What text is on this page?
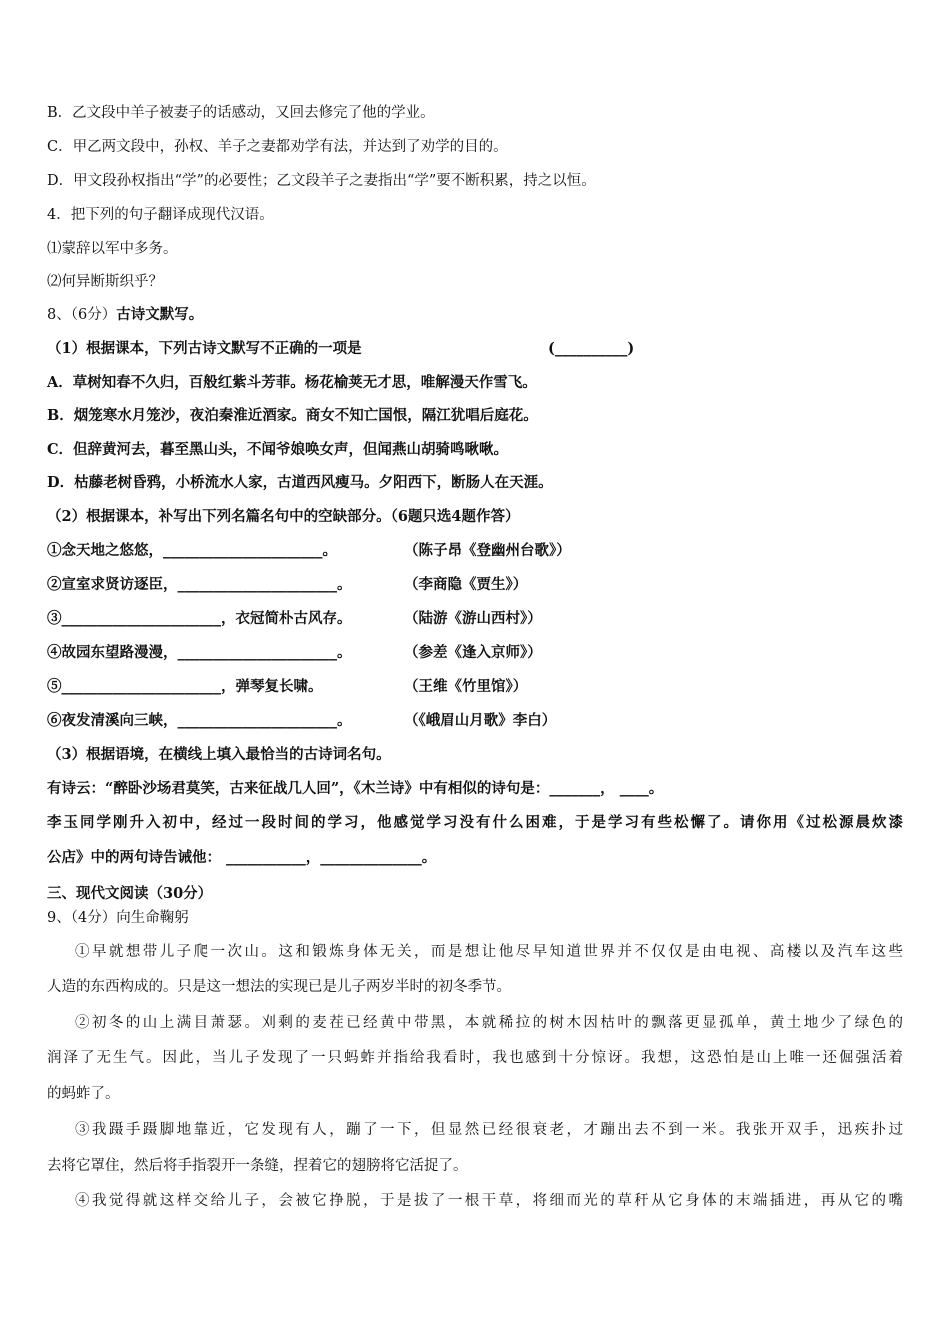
B．乙文段中羊子被妻子的话感动，又回去修完了他的学业。
C．甲乙两文段中，孙权、羊子之妻都劝学有法，并达到了劝学的目的。
D．甲文段孙权指出“学”的必要性；乙文段羊子之妻指出“学”要不断积累，持之以恒。
4．把下列的句子翻译成现代汉语。
⑴蒙辞以军中多务。
⑵何异断斯织乎？
8、（6分）古诗文默写。
（1）根据课本，下列古诗文默写不正确的一项是	(__________)
A．草树知春不久归，百般红紫斗芳菲。杨花榆荚无才思，唯解漫天作雪飞。
B．烟笼寒水月笼沙，夜泊秦淮近酒家。商女不知亡国恨，隔江犹唱后庭花。
C．但辞黄河去，暮至黑山头，不闻爷娘唤女声，但闻燕山胡骑鸣啾啾。
D．枯藤老树昏鸦，小桥流水人家，古道西风瘦马。夕阳西下，断肠人在天涯。
（2）根据课本，补写出下列名篇名句中的空缺部分。（6题只选4题作答）
①念天地之悠悠，______________________。	（陈子昂《登幽州台歌》）
②宣室求贤访逐臣，______________________。	（李商隐《贾生》）
③______________________，衣冠简朴古风存。	（陆游《游山西村》）
④故园东望路漫漫，______________________。	（参差《逢入京师》）
⑤______________________，弹琴复长啸。	（王维《竹里馆》）
⑥夜发清溪向三峡，______________________。	（《峨眉山月歌》李白）
（3）根据语境，在横线上填入最恰当的古诗词名句。
有诗云：“醉卧沙场君莫笑，古来征战几人回”，《木兰诗》中有相似的诗句是：_______， ____。
李玉同学刚升入初中，经过一段时间的学习，他感觉学习没有什么困难，于是学习有些松懈了。请你用《过松源晨炊漆
公店》中的两句诗告诫他： ___________，______________。
三、现代文阅读（30分）
9、（4分）向生命鞠躬
①早就想带儿子爬一次山。这和锻炼身体无关，而是想让他尽早知道世界并不仅仅是由电视、高楼以及汽车这些
人造的东西构成的。只是这一想法的实现已是儿子两岁半时的初冬季节。
②初冬的山上满目萧瑟。刈剩的麦茬已经黄中带黑，本就稀拉的树木因枯叶的飘落更显孤单，黄土地少了绿色的
润泽了无生气。因此，当儿子发现了一只蚂蚱并指给我看时，我也感到十分惊讶。我想，这恐怕是山上唯一还倔强活着
的蚂蚱了。
③我蹑手蹑脚地靠近，它发现有人，蹦了一下，但显然已经很衰老，才蹦出去不到一米。我张开双手，迅疾扑过
去将它罩住，然后将手指裂开一条缝，捏着它的翅膀将它活捉了。
④我觉得就这样交给儿子，会被它挣脱，于是拔了一根干草，将细而光的草秆从它身体的末端插进，再从它的嘴
